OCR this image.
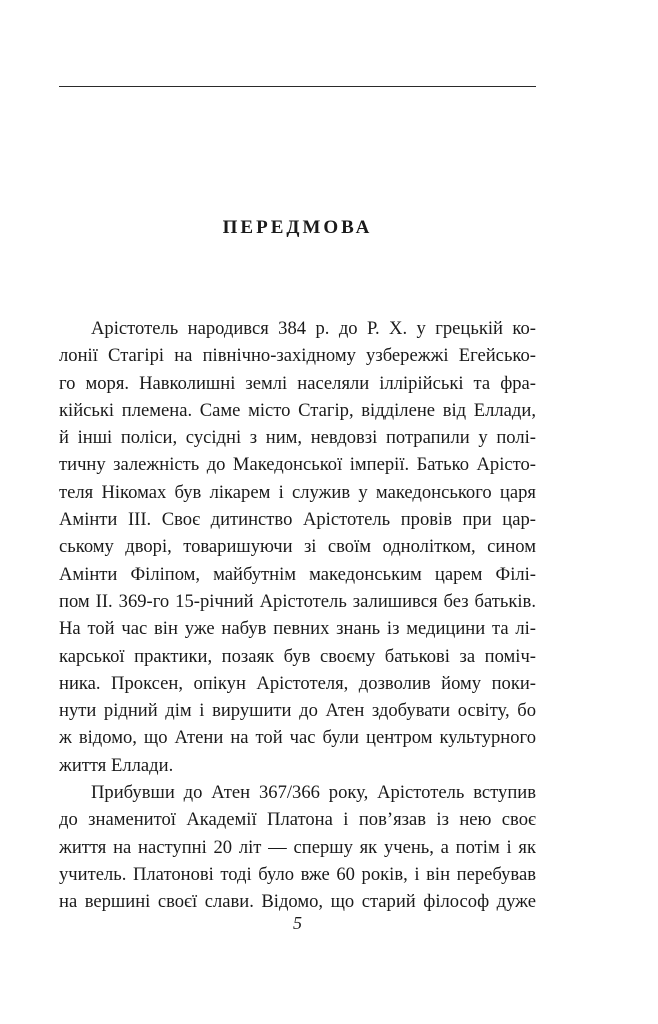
ПЕРЕДМОВА
Арістотель народився 384 р. до Р. Х. у грецькій ко-
лонії Стагірі на північно-західному узбережжі Егейсько-
го моря. Навколишні землі населяли іллірійські та фра-
кійські племена. Саме місто Стагір, відділене від Еллади,
й інші поліси, сусідні з ним, невдовзі потрапили у полі-
тичну залежність до Македонської імперії. Батько Арісто-
теля Нікомах був лікарем і служив у македонського царя
Амінти III. Своє дитинство Арістотель провів при цар-
ському дворі, товаришуючи зі своїм однолітком, сином
Амінти Філіпом, майбутнім македонським царем Філі-
пом II. 369-го 15-річний Арістотель залишився без батьків.
На той час він уже набув певних знань із медицини та лі-
карської практики, позаяк був своєму батькові за поміч-
ника. Проксен, опікун Арістотеля, дозволив йому поки-
нути рідний дім і вирушити до Атен здобувати освіту, бо
ж відомо, що Атени на той час були центром культурного
життя Еллади.
Прибувши до Атен 367/366 року, Арістотель вступив
до знаменитої Академії Платона і пов’язав із нею своє
життя на наступні 20 літ — спершу як учень, а потім і як
учитель. Платонові тоді було вже 60 років, і він перебував
на вершині своєї слави. Відомо, що старий філософ дуже
5
